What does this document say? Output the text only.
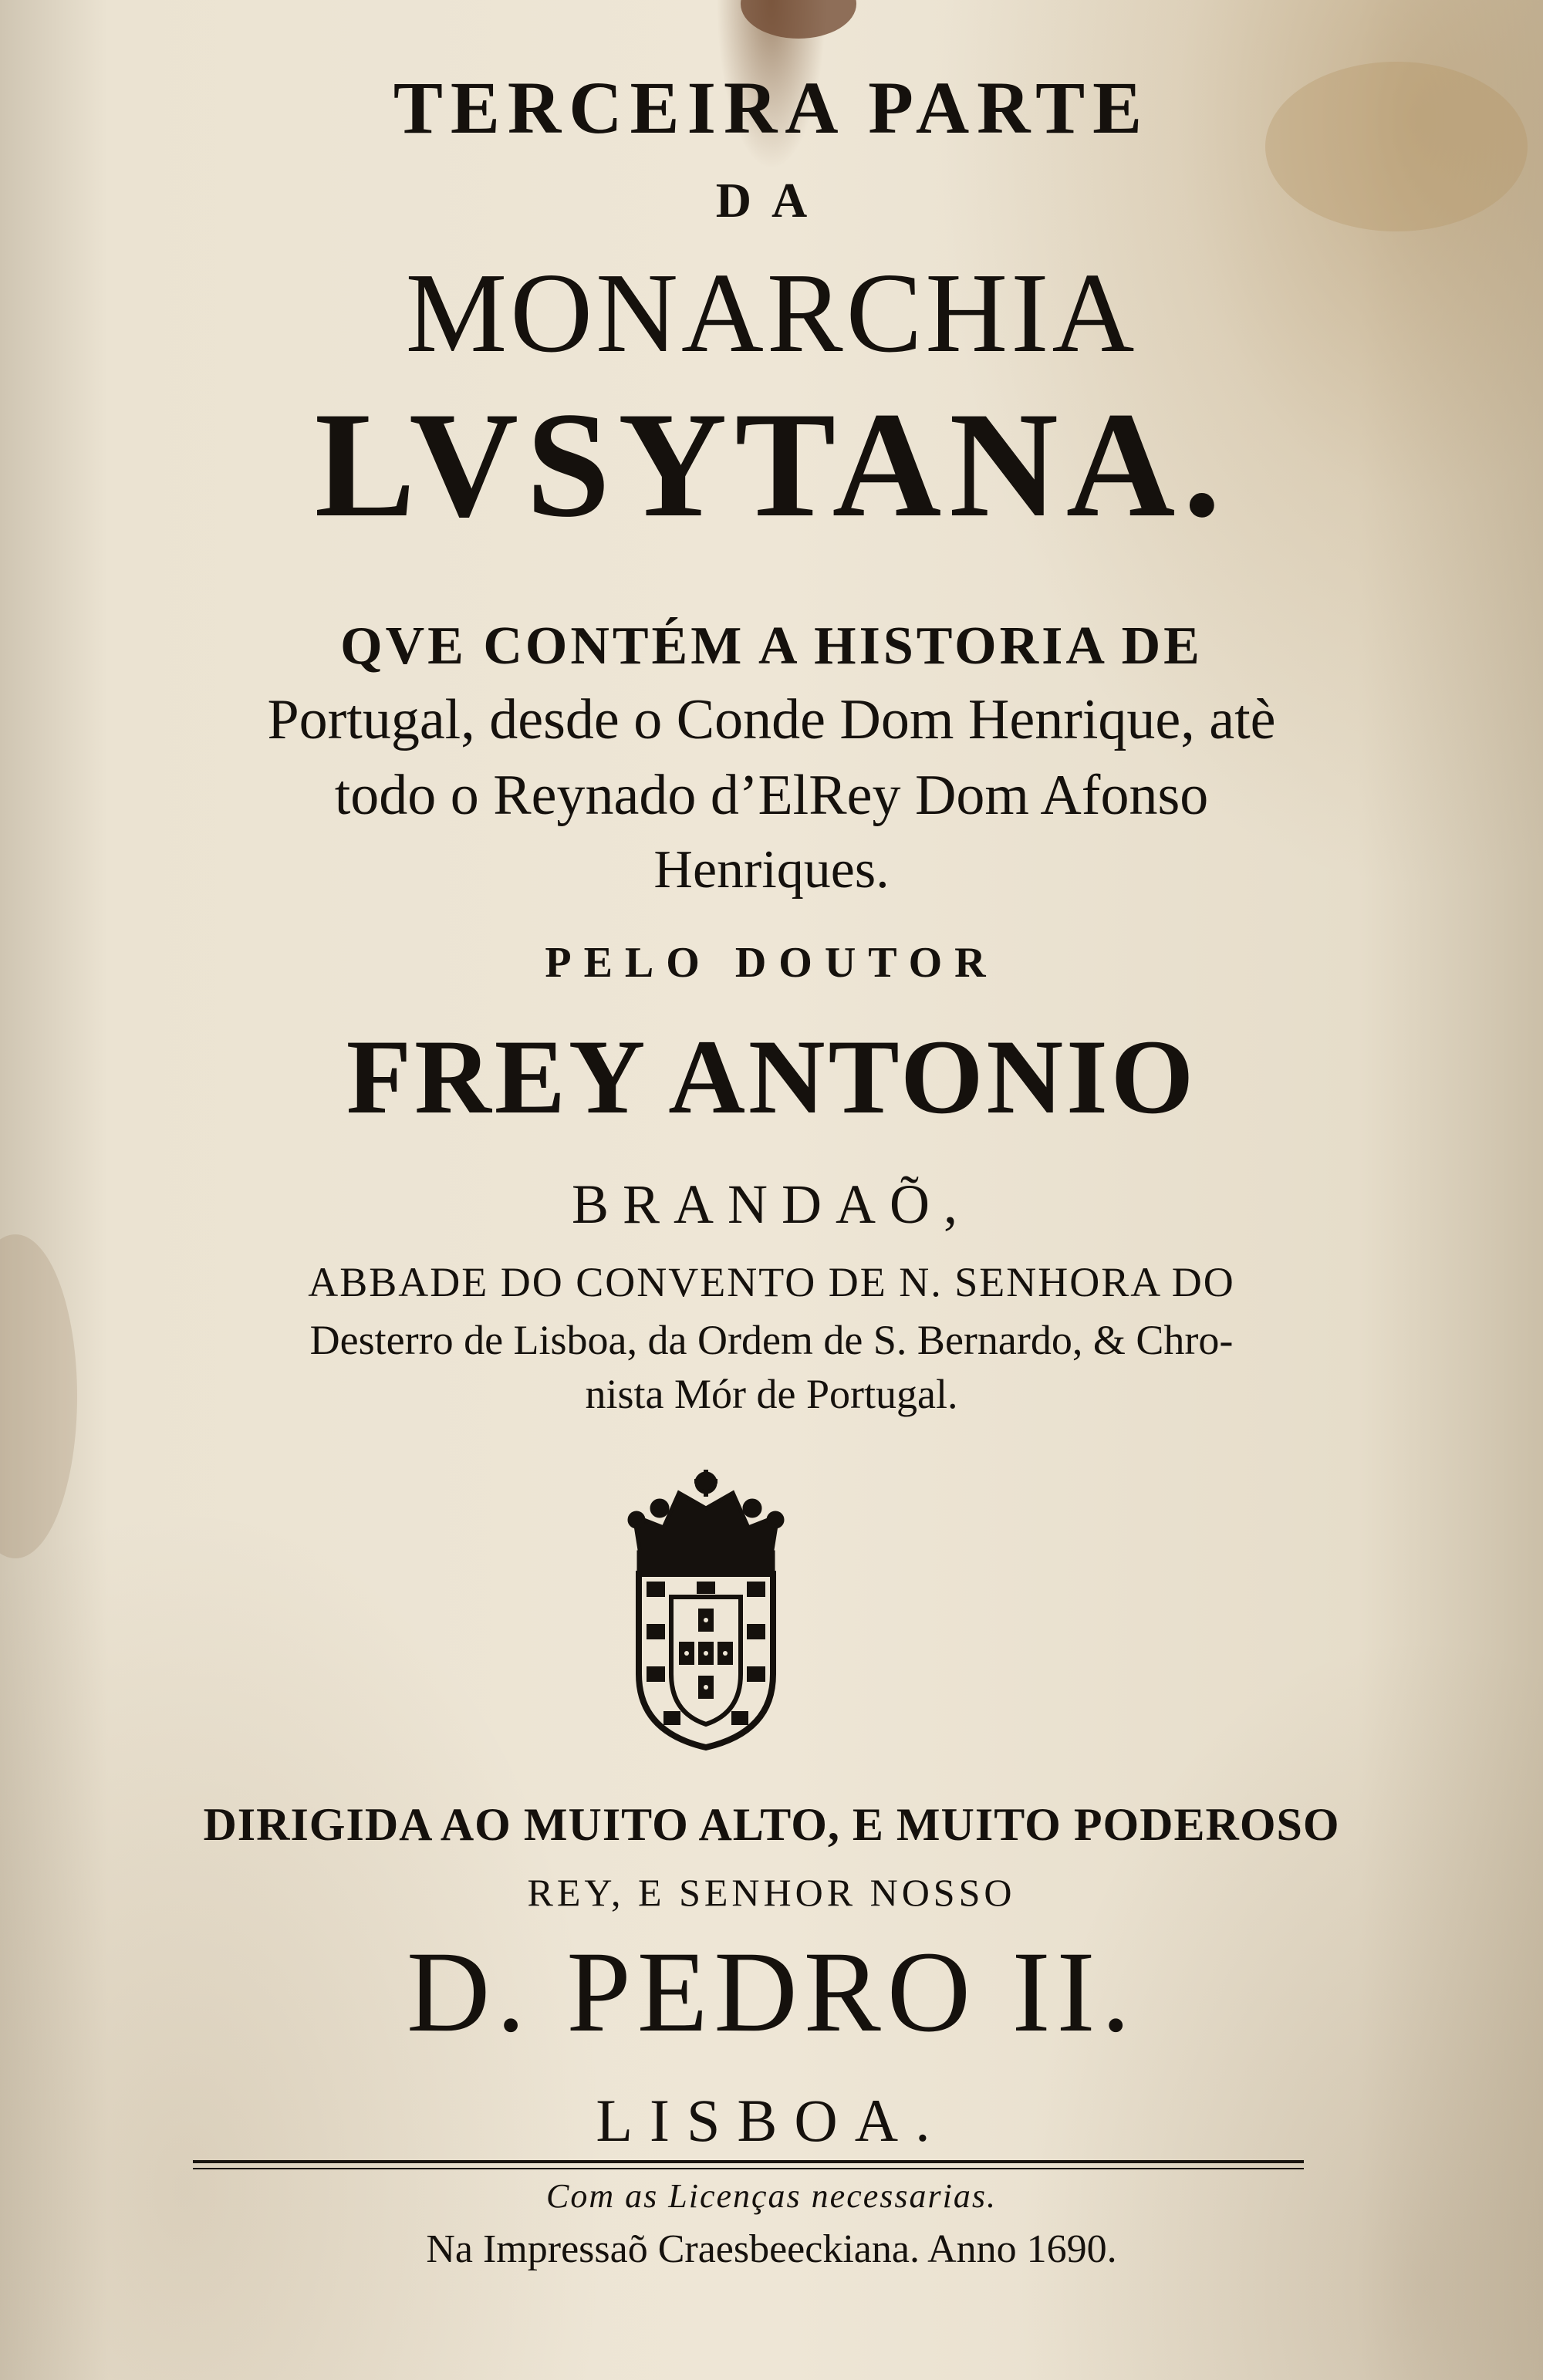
TERCEIRA PARTE
DA
MONARCHIA
LVSYTANA.
QVE CONTÉM A HISTORIA DE
Portugal, desde o Conde Dom Henrique, atè
todo o Reynado d’ElRey Dom Afonso
Henriques.
PELO DOUTOR
FREY ANTONIO
BRANDAÕ,
ABBADE DO CONVENTO DE N. SENHORA DO
Desterro de Lisboa, da Ordem de S. Bernardo, & Chro-
nista Mór de Portugal.
DIRIGIDA AO MUITO ALTO, E MUITO PODEROSO
REY, E SENHOR NOSSO
D. PEDRO II.
LISBOA.
Com as Licenças necessarias.
Na Impressaõ Craesbeeckiana. Anno 1690.
